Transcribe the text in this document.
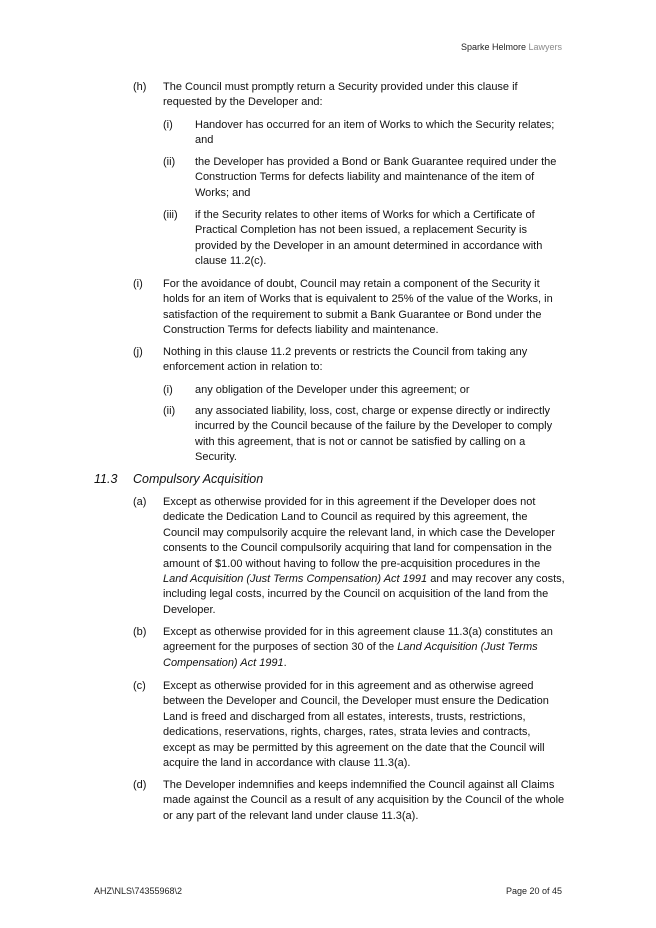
Sparke Helmore Lawyers
(h) The Council must promptly return a Security provided under this clause if requested by the Developer and:
(i) Handover has occurred for an item of Works to which the Security relates; and
(ii) the Developer has provided a Bond or Bank Guarantee required under the Construction Terms for defects liability and maintenance of the item of Works; and
(iii) if the Security relates to other items of Works for which a Certificate of Practical Completion has not been issued, a replacement Security is provided by the Developer in an amount determined in accordance with clause 11.2(c).
(i) For the avoidance of doubt, Council may retain a component of the Security it holds for an item of Works that is equivalent to 25% of the value of the Works, in satisfaction of the requirement to submit a Bank Guarantee or Bond under the Construction Terms for defects liability and maintenance.
(j) Nothing in this clause 11.2 prevents or restricts the Council from taking any enforcement action in relation to:
(i) any obligation of the Developer under this agreement; or
(ii) any associated liability, loss, cost, charge or expense directly or indirectly incurred by the Council because of the failure by the Developer to comply with this agreement, that is not or cannot be satisfied by calling on a Security.
11.3 Compulsory Acquisition
(a) Except as otherwise provided for in this agreement if the Developer does not dedicate the Dedication Land to Council as required by this agreement, the Council may compulsorily acquire the relevant land, in which case the Developer consents to the Council compulsorily acquiring that land for compensation in the amount of $1.00 without having to follow the pre-acquisition procedures in the Land Acquisition (Just Terms Compensation) Act 1991 and may recover any costs, including legal costs, incurred by the Council on acquisition of the land from the Developer.
(b) Except as otherwise provided for in this agreement clause 11.3(a) constitutes an agreement for the purposes of section 30 of the Land Acquisition (Just Terms Compensation) Act 1991.
(c) Except as otherwise provided for in this agreement and as otherwise agreed between the Developer and Council, the Developer must ensure the Dedication Land is freed and discharged from all estates, interests, trusts, restrictions, dedications, reservations, rights, charges, rates, strata levies and contracts, except as may be permitted by this agreement on the date that the Council will acquire the land in accordance with clause 11.3(a).
(d) The Developer indemnifies and keeps indemnified the Council against all Claims made against the Council as a result of any acquisition by the Council of the whole or any part of the relevant land under clause 11.3(a).
AHZ\NLS\74355968\2	Page 20 of 45
